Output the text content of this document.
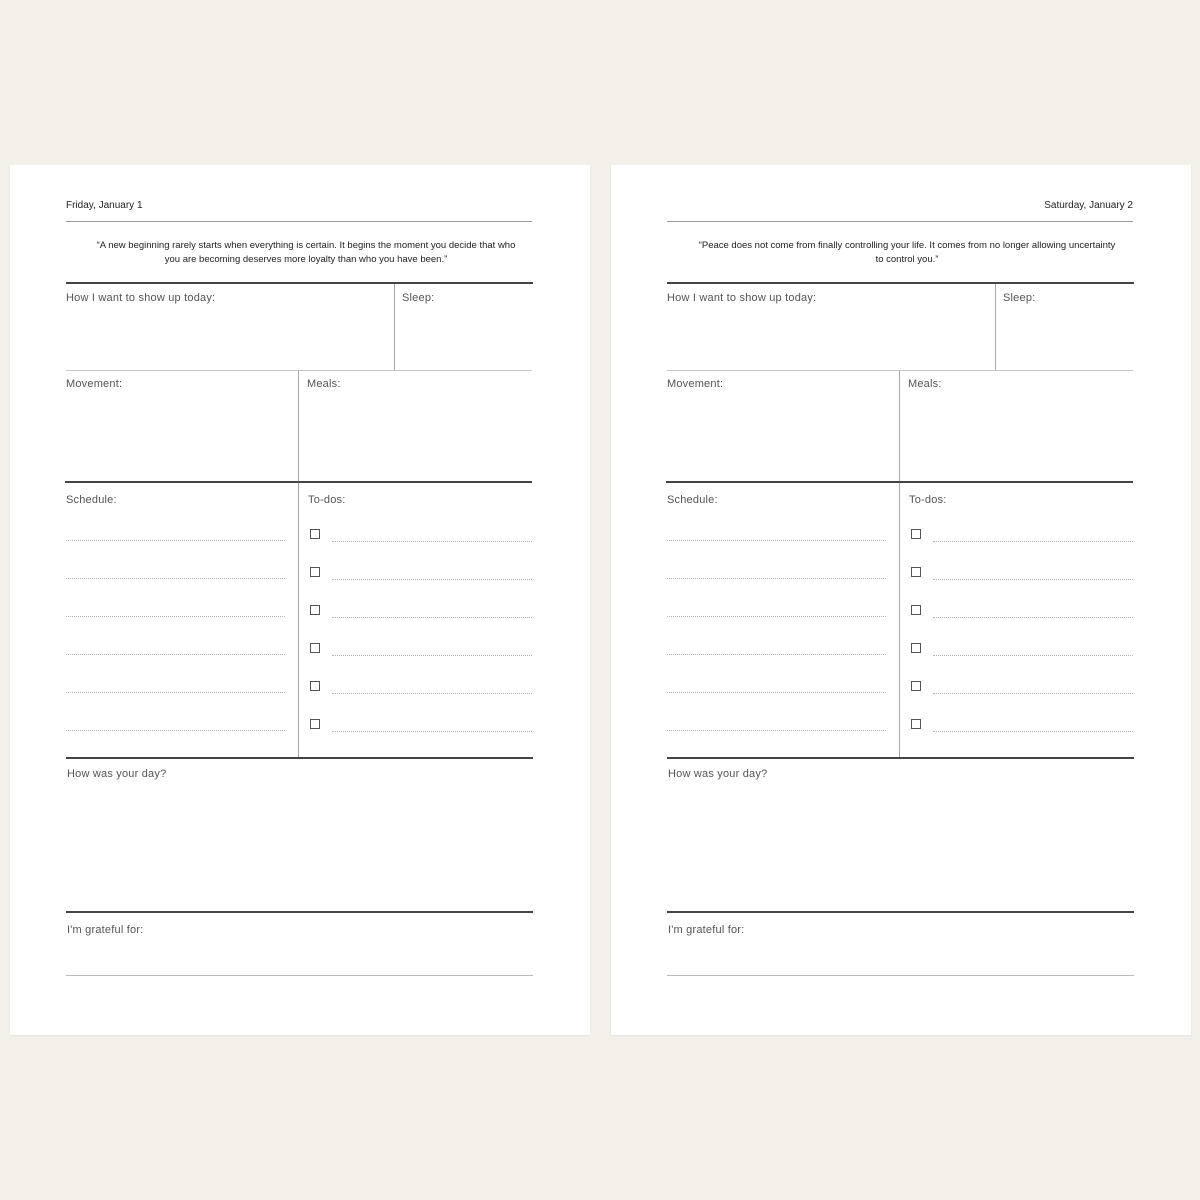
Friday, January 1
“A new beginning rarely starts when everything is certain. It begins the moment you decide that who you are becoming deserves more loyalty than who you have been.”
How I want to show up today:	Sleep:
Movement:	Meals:
Schedule:	To-dos:
How was your day?
I'm grateful for:
Saturday, January 2
“Peace does not come from finally controlling your life. It comes from no longer allowing uncertainty to control you.”
How I want to show up today:	Sleep:
Movement:	Meals:
Schedule:	To-dos:
How was your day?
I'm grateful for:
